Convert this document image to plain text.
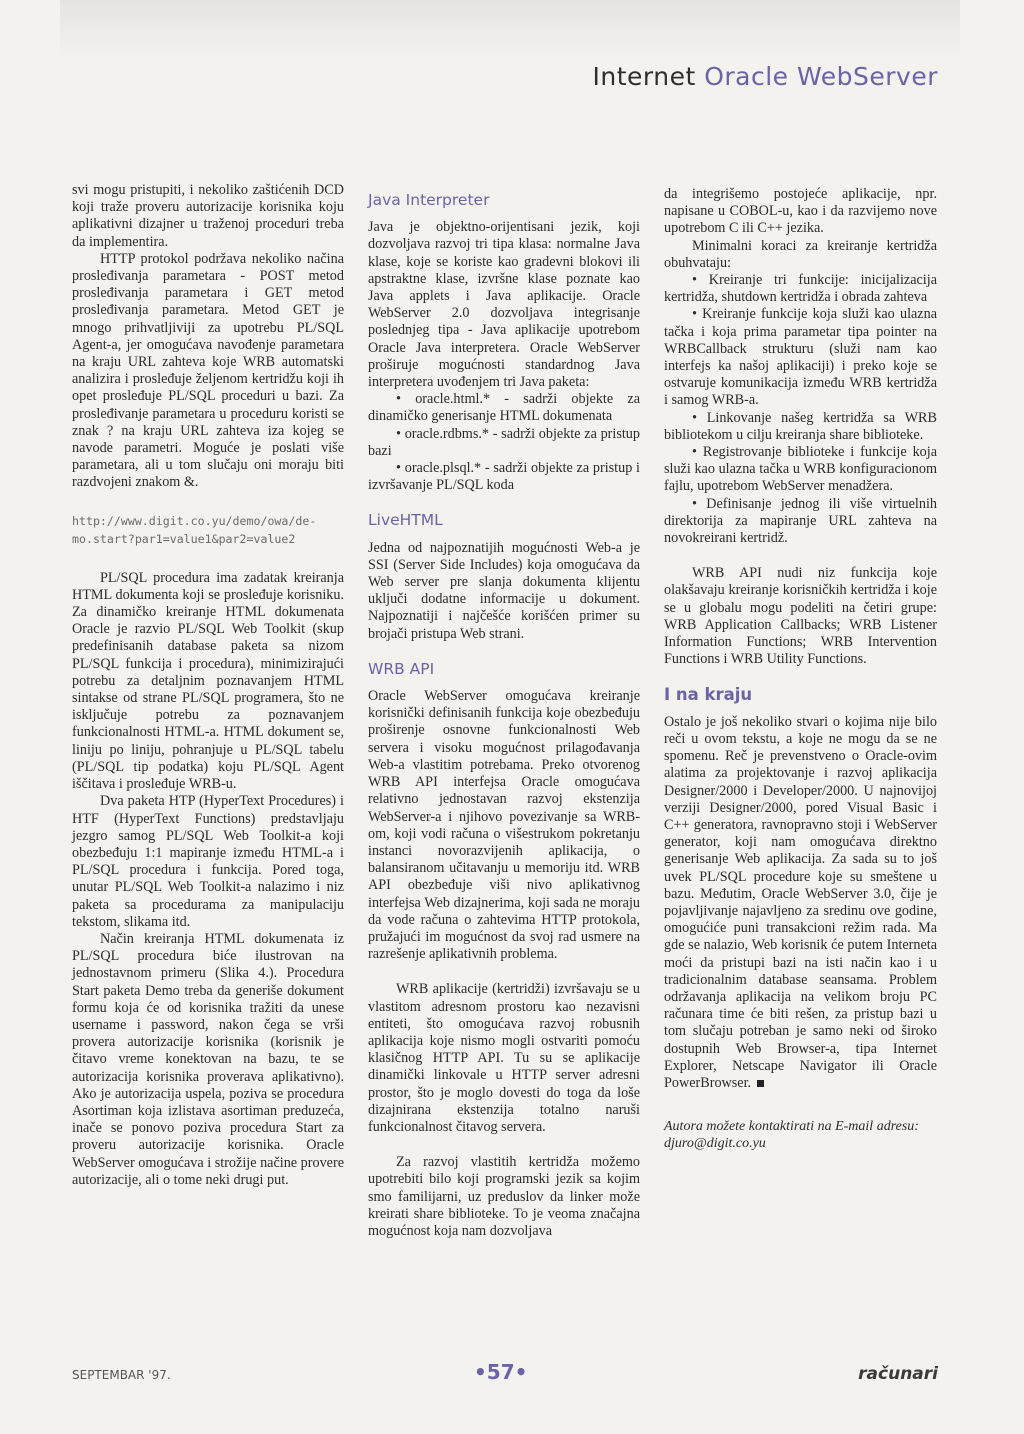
Internet Oracle WebServer

svi mogu pristupiti, i nekoliko zaštićenih DCD koji traže proveru autorizacije korisnika koju aplikativni dizajner u traženoj proceduri treba da implementira.

HTTP protokol podržava nekoliko načina prosleđivanja parametara - POST metod prosleđivanja parametara i GET metod prosleđivanja parametara. Metod GET je mnogo prihvatljiviji za upotrebu PL/SQL Agent-a, jer omogućava navođenje parametara na kraju URL zahteva koje WRB automatski analizira i prosleđuje željenom kertridžu koji ih opet prosleđuje PL/SQL proceduri u bazi. Za prosleđivanje parametara u proceduru koristi se znak ? na kraju URL zahteva iza kojeg se navode parametri. Moguće je poslati više parametara, ali u tom slučaju oni moraju biti razdvojeni znakom &.

http://www.digit.co.yu/demo/owa/de-
mo.start?par1=value1&par2=value2

PL/SQL procedura ima zadatak kreiranja HTML dokumenta koji se prosleđuje korisniku. Za dinamičko kreiranje HTML dokumenata Oracle je razvio PL/SQL Web Toolkit (skup predefinisanih database paketa sa nizom PL/SQL funkcija i procedura), minimizirajući potrebu za detaljnim poznavanjem HTML sintakse od strane PL/SQL programera, što ne isključuje potrebu za poznavanjem funkcionalnosti HTML-a. HTML dokument se, liniju po liniju, pohranjuje u PL/SQL tabelu (PL/SQL tip podatka) koju PL/SQL Agent iščitava i prosleđuje WRB-u.

Dva paketa HTP (HyperText Procedures) i HTF (HyperText Functions) predstavljaju jezgro samog PL/SQL Web Toolkit-a koji obezbeđuju 1:1 mapiranje između HTML-a i PL/SQL procedura i funkcija. Pored toga, unutar PL/SQL Web Toolkit-a nalazimo i niz paketa sa procedurama za manipulaciju tekstom, slikama itd.

Način kreiranja HTML dokumenata iz PL/SQL procedura biće ilustrovan na jednostavnom primeru (Slika 4.). Procedura Start paketa Demo treba da generiše dokument formu koja će od korisnika tražiti da unese username i password, nakon čega se vrši provera autorizacije korisnika (korisnik je čitavo vreme konektovan na bazu, te se autorizacija korisnika proverava aplikativno). Ako je autorizacija uspela, poziva se procedura Asortiman koja izlistava asortiman preduzeća, inače se ponovo poziva procedura Start za proveru autorizacije korisnika. Oracle WebServer omogućava i strožije načine provere autorizacije, ali o tome neki drugi put.

Java Interpreter

Java je objektno-orijentisani jezik, koji dozvoljava razvoj tri tipa klasa: normalne Java klase, koje se koriste kao gradevni blokovi ili apstraktne klase, izvršne klase poznate kao Java applets i Java aplikacije. Oracle WebServer 2.0 dozvoljava integrisanje poslednjeg tipa - Java aplikacije upotrebom Oracle Java interpretera. Oracle WebServer proširuje mogućnosti standardnog Java interpretera uvođenjem tri Java paketa:

• oracle.html.* - sadrži objekte za dinamičko generisanje HTML dokumenata

• oracle.rdbms.* - sadrži objekte za pristup bazi

• oracle.plsql.* - sadrži objekte za pristup i izvršavanje PL/SQL koda

LiveHTML

Jedna od najpoznatijih mogućnosti Web-a je SSI (Server Side Includes) koja omogućava da Web server pre slanja dokumenta klijentu uključi dodatne informacije u dokument. Najpoznatiji i najčešće korišćen primer su brojači pristupa Web strani.

WRB API

Oracle WebServer omogućava kreiranje korisnički definisanih funkcija koje obezbeđuju proširenje osnovne funkcionalnosti Web servera i visoku mogućnost prilagođavanja Web-a vlastitim potrebama. Preko otvorenog WRB API interfejsa Oracle omogućava relativno jednostavan razvoj ekstenzija WebServer-a i njihovo povezivanje sa WRB-om, koji vodi računa o višestrukom pokretanju instanci novorazvijenih aplikacija, o balansiranom učitavanju u memoriju itd. WRB API obezbeđuje viši nivo aplikativnog interfejsa Web dizajnerima, koji sada ne moraju da vode računa o zahtevima HTTP protokola, pružajući im mogućnost da svoj rad usmere na razrešenje aplikativnih problema.

WRB aplikacije (kertridži) izvršavaju se u vlastitom adresnom prostoru kao nezavisni entiteti, što omogućava razvoj robusnih aplikacija koje nismo mogli ostvariti pomoću klasičnog HTTP API. Tu su se aplikacije dinamički linkovale u HTTP server adresni prostor, što je moglo dovesti do toga da loše dizajnirana ekstenzija totalno naruši funkcionalnost čitavog servera.

Za razvoj vlastitih kertridža možemo upotrebiti bilo koji programski jezik sa kojim smo familijarni, uz preduslov da linker može kreirati share biblioteke. To je veoma značajna mogućnost koja nam dozvoljava

da integrišemo postojeće aplikacije, npr. napisane u COBOL-u, kao i da razvijemo nove upotrebom C ili C++ jezika.

Minimalni koraci za kreiranje kertridža obuhvataju:

• Kreiranje tri funkcije: inicijalizacija kertridža, shutdown kertridža i obrada zahteva

• Kreiranje funkcije koja služi kao ulazna tačka i koja prima parametar tipa pointer na WRBCallback strukturu (služi nam kao interfejs ka našoj aplikaciji) i preko koje se ostvaruje komunikacija između WRB kertridža i samog WRB-a.

• Linkovanje našeg kertridža sa WRB bibliotekom u cilju kreiranja share biblioteke.

• Registrovanje biblioteke i funkcije koja služi kao ulazna tačka u WRB konfiguracionom fajlu, upotrebom WebServer menadžera.

• Definisanje jednog ili više virtuelnih direktorija za mapiranje URL zahteva na novokreirani kertridž.

WRB API nudi niz funkcija koje olakšavaju kreiranje korisničkih kertridža i koje se u globalu mogu podeliti na četiri grupe: WRB Application Callbacks; WRB Listener Information Functions; WRB Intervention Functions i WRB Utility Functions.

I na kraju

Ostalo je još nekoliko stvari o kojima nije bilo reči u ovom tekstu, a koje ne mogu da se ne spomenu. Reč je prevenstveno o Oracle-ovim alatima za projektovanje i razvoj aplikacija Designer/2000 i Developer/2000. U najnovijoj verziji Designer/2000, pored Visual Basic i C++ generatora, ravnopravno stoji i WebServer generator, koji nam omogućava direktno generisanje Web aplikacija. Za sada su to još uvek PL/SQL procedure koje su smeštene u bazu. Međutim, Oracle WebServer 3.0, čije je pojavljivanje najavljeno za sredinu ove godine, omogućiće puni transakcioni režim rada. Ma gde se nalazio, Web korisnik će putem Interneta moći da pristupi bazi na isti način kao i u tradicionalnim database seansama. Problem održavanja aplikacija na velikom broju PC računara time će biti rešen, za pristup bazi u tom slučaju potreban je samo neki od široko dostupnih Web Browser-a, tipa Internet Explorer, Netscape Navigator ili Oracle PowerBrowser.

Autora možete kontaktirati na E-mail adresu:
djuro@digit.co.yu
SEPTEMBAR '97.	•57•	računari
